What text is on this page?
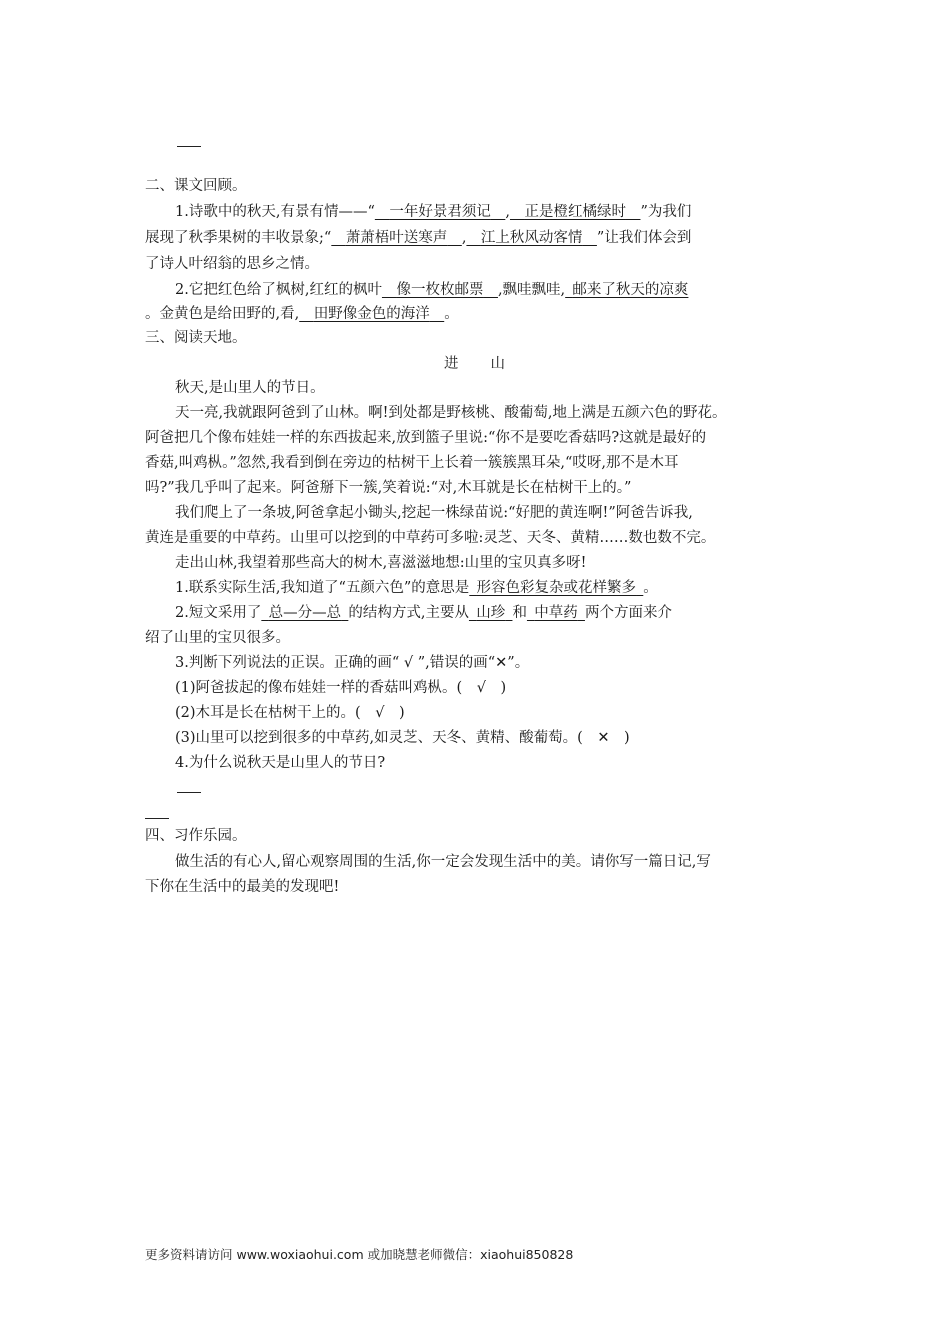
二、课文回顾。
1.诗歌中的秋天,有景有情——“　 一年好景君须记　 ,　 正是橙红橘绿时　 ”为我们
展现了秋季果树的丰收景象;“　 萧萧梧叶送寒声　 ,　 江上秋风动客情　 ”让我们体会到
了诗人叶绍翁的思乡之情。
2.它把红色给了枫树,红红的枫叶　 像一枚枚邮票　 ,飘哇飘哇,  邮来了秋天的凉爽
。金黄色是给田野的,看,　 田野像金色的海洋　 。
三、阅读天地。
进　　山
秋天,是山里人的节日。
天一亮,我就跟阿爸到了山林。啊!到处都是野核桃、酸葡萄,地上满是五颜六色的野花。
阿爸把几个像布娃娃一样的东西拔起来,放到篮子里说:“你不是要吃香菇吗?这就是最好的
香菇,叫鸡枞。”忽然,我看到倒在旁边的枯树干上长着一簇簇黑耳朵,“哎呀,那不是木耳
吗?”我几乎叫了起来。阿爸掰下一簇,笑着说:“对,木耳就是长在枯树干上的。”
我们爬上了一条坡,阿爸拿起小锄头,挖起一株绿苗说:“好肥的黄连啊!”阿爸告诉我,
黄连是重要的中草药。山里可以挖到的中草药可多啦:灵芝、天冬、黄精……数也数不完。
走出山林,我望着那些高大的树木,喜滋滋地想:山里的宝贝真多呀!
1.联系实际生活,我知道了“五颜六色”的意思是  形容色彩复杂或花样繁多  。
2.短文采用了  总—分—总  的结构方式,主要从  山珍  和  中草药  两个方面来介
绍了山里的宝贝很多。
3.判断下列说法的正误。正确的画“ √ ”,错误的画“✕”。
(1)阿爸拔起的像布娃娃一样的香菇叫鸡枞。(  √  )
(2)木耳是长在枯树干上的。(  √  )
(3)山里可以挖到很多的中草药,如灵芝、天冬、黄精、酸葡萄。(  ✕  )
4.为什么说秋天是山里人的节日?
四、习作乐园。
做生活的有心人,留心观察周围的生活,你一定会发现生活中的美。请你写一篇日记,写
下你在生活中的最美的发现吧!
更多资料请访问 www.woxiaohui.com 或加晓慧老师微信：xiaohui850828
